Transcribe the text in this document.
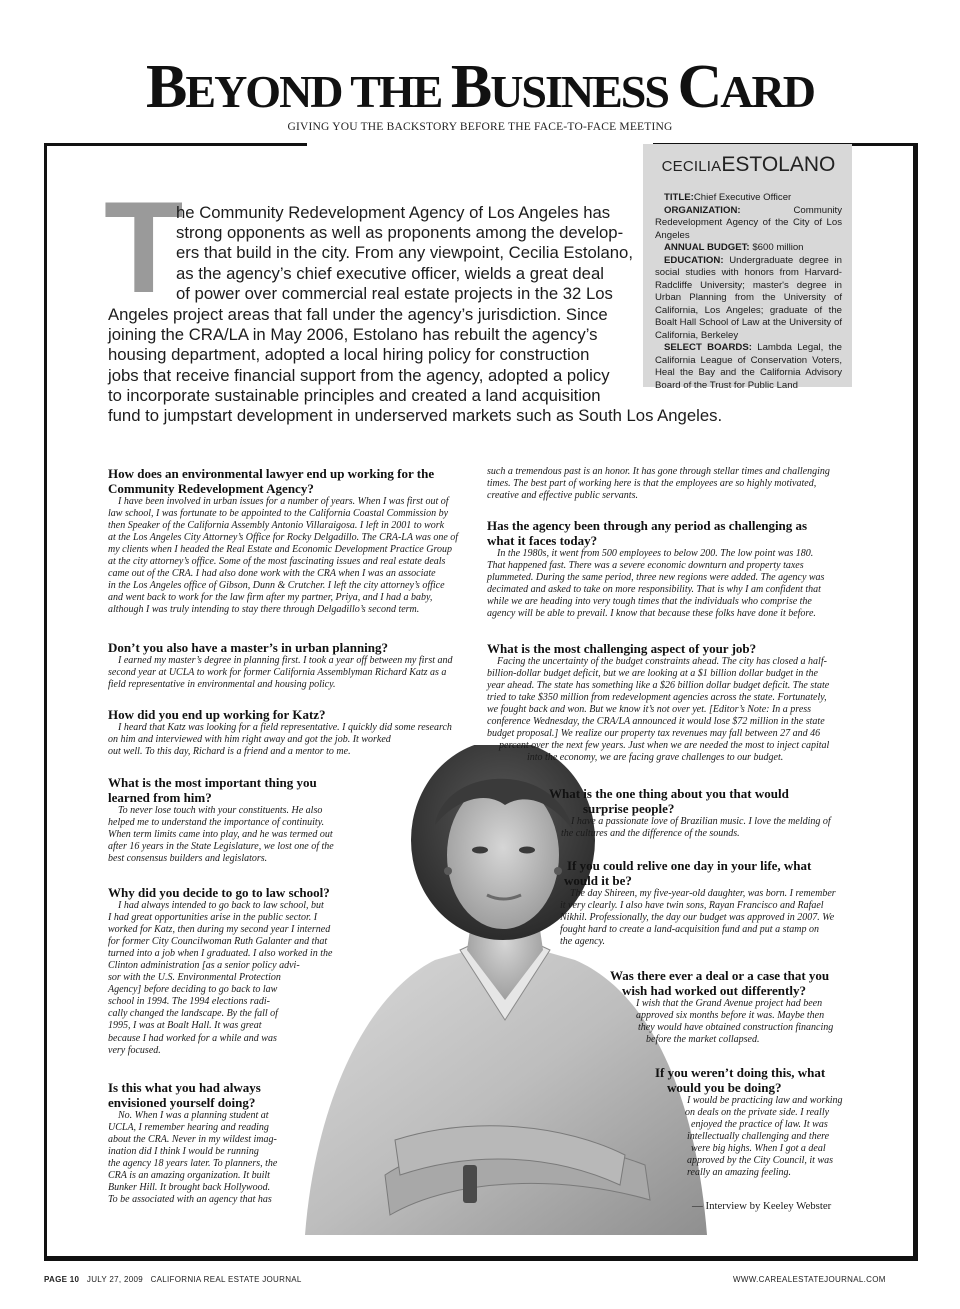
BEYOND THE BUSINESS CARD
GIVING YOU THE BACKSTORY BEFORE THE FACE-TO-FACE MEETING
CECILIAESTOLANO

TITLE:Chief Executive Officer

ORGANIZATION:	Community Redevelopment Agency of the City of Los Angeles

ANNUAL BUDGET: $600 million

EDUCATION: Undergraduate degree in social studies with honors from Harvard-Radcliffe University; master's degree in Urban Planning from the University of California, Los Angeles; graduate of the Boalt Hall School of Law at the University of California, Berkeley

SELECT BOARDS: Lambda Legal, the California League of Conservation Voters, Heal the Bay and the California Advisory Board of the Trust for Public Land

T
he Community Redevelopment Agency of Los Angeles has
strong opponents as well as proponents among the develop-
ers that build in the city. From any viewpoint, Cecilia Estolano,
as the agency’s chief executive officer, wields a great deal
of power over commercial real estate projects in the 32 Los
Angeles project areas that fall under the agency’s jurisdiction. Since
joining the CRA/LA in May 2006, Estolano has rebuilt the agency’s
housing department, adopted a local hiring policy for construction
jobs that receive financial support from the agency, adopted a policy
to incorporate sustainable principles and created a land acquisition
fund to jumpstart development in underserved markets such as South Los Angeles.
How does an environmental lawyer end up working for the
Community Redevelopment Agency?
I have been involved in urban issues for a number of years. When I was first out of
law school, I was fortunate to be appointed to the California Coastal Commission by
then Speaker of the California Assembly Antonio Villaraigosa. I left in 2001 to work
at the Los Angeles City Attorney’s Office for Rocky Delgadillo. The CRA-LA was one of
my clients when I headed the Real Estate and Economic Development Practice Group
at the city attorney’s office. Some of the most fascinating issues and real estate deals
came out of the CRA. I had also done work with the CRA when I was an associate
in the Los Angeles office of Gibson, Dunn & Crutcher. I left the city attorney’s office
and went back to work for the law firm after my partner, Priya, and I had a baby,
although I was truly intending to stay there through Delgadillo’s second term.
Don’t you also have a master’s in urban planning?
I earned my master’s degree in planning first. I took a year off between my first and
second year at UCLA to work for former California Assemblyman Richard Katz as a
field representative in environmental and housing policy.
How did you end up working for Katz?
I heard that Katz was looking for a field representative. I quickly did some research
on him and interviewed with him right away and got the job. It worked
out well. To this day, Richard is a friend and a mentor to me.
What is the most important thing you
learned from him?
To never lose touch with your constituents. He also
helped me to understand the importance of continuity.
When term limits came into play, and he was termed out
after 16 years in the State Legislature, we lost one of the
best consensus builders and legislators.
Why did you decide to go to law school?
I had always intended to go back to law school, but
I had great opportunities arise in the public sector. I
worked for Katz, then during my second year I interned
for former City Councilwoman Ruth Galanter and that
turned into a job when I graduated. I also worked in the
Clinton administration [as a senior policy advi-
sor with the U.S. Environmental Protection
Agency] before deciding to go back to law
school in 1994. The 1994 elections radi-
cally changed the landscape. By the fall of
1995, I was at Boalt Hall. It was great
because I had worked for a while and was
very focused.
Is this what you had always
envisioned yourself doing?
No. When I was a planning student at
UCLA, I remember hearing and reading
about the CRA. Never in my wildest imag-
ination did I think I would be running
the agency 18 years later. To planners, the
CRA is an amazing organization. It built
Bunker Hill. It brought back Hollywood.
To be associated with an agency that has
such a tremendous past is an honor. It has gone through stellar times and challenging
times. The best part of working here is that the employees are so highly motivated,
creative and effective public servants.
Has the agency been through any period as challenging as
what it faces today?
In the 1980s, it went from 500 employees to below 200. The low point was 180.
That happened fast. There was a severe economic downturn and property taxes
plummeted. During the same period, three new regions were added. The agency was
decimated and asked to take on more responsibility. That is why I am confident that
while we are heading into very tough times that the individuals who comprise the
agency will be able to prevail. I know that because these folks have done it before.
What is the most challenging aspect of your job?
Facing the uncertainty of the budget constraints ahead. The city has closed a half-
billion-dollar budget deficit, but we are looking at a $1 billion dollar budget in the
year ahead. The state has something like a $26 billion dollar budget deficit. The state
tried to take $350 million from redevelopment agencies across the state. Fortunately,
we fought back and won. But we know it’s not over yet. [Editor’s Note: In a press
conference Wednesday, the CRA/LA announced it would lose $72 million in the state
budget proposal.] We realize our property tax revenues may fall between 27 and 46
percent over the next few years. Just when we are needed the most to inject capital
into the economy, we are facing grave challenges to our budget.
What is the one thing about you that would
surprise people?
I have a passionate love of Brazilian music. I love the melding of
the cultures and the difference of the sounds.
If you could relive one day in your life, what
would it be?
The day Shireen, my five-year-old daughter, was born. I remember
it very clearly. I also have twin sons, Rayan Francisco and Rafael
Nikhil. Professionally, the day our budget was approved in 2007. We
fought hard to create a land-acquisition fund and put a stamp on
the agency.
Was there ever a deal or a case that you
wish had worked out differently?
I wish that the Grand Avenue project had been
approved six months before it was. Maybe then
they would have obtained construction financing
before the market collapsed.
If you weren’t doing this, what
would you be doing?
I would be practicing law and working
on deals on the private side. I really
enjoyed the practice of law. It was
intellectually challenging and there
were big highs. When I got a deal
approved by the City Council, it was
really an amazing feeling.
— Interview by Keeley Webster
PAGE 10 JULY 27, 2009 CALIFORNIA REAL ESTATE JOURNAL	WWW.CAREALESTATEJOURNAL.COM
